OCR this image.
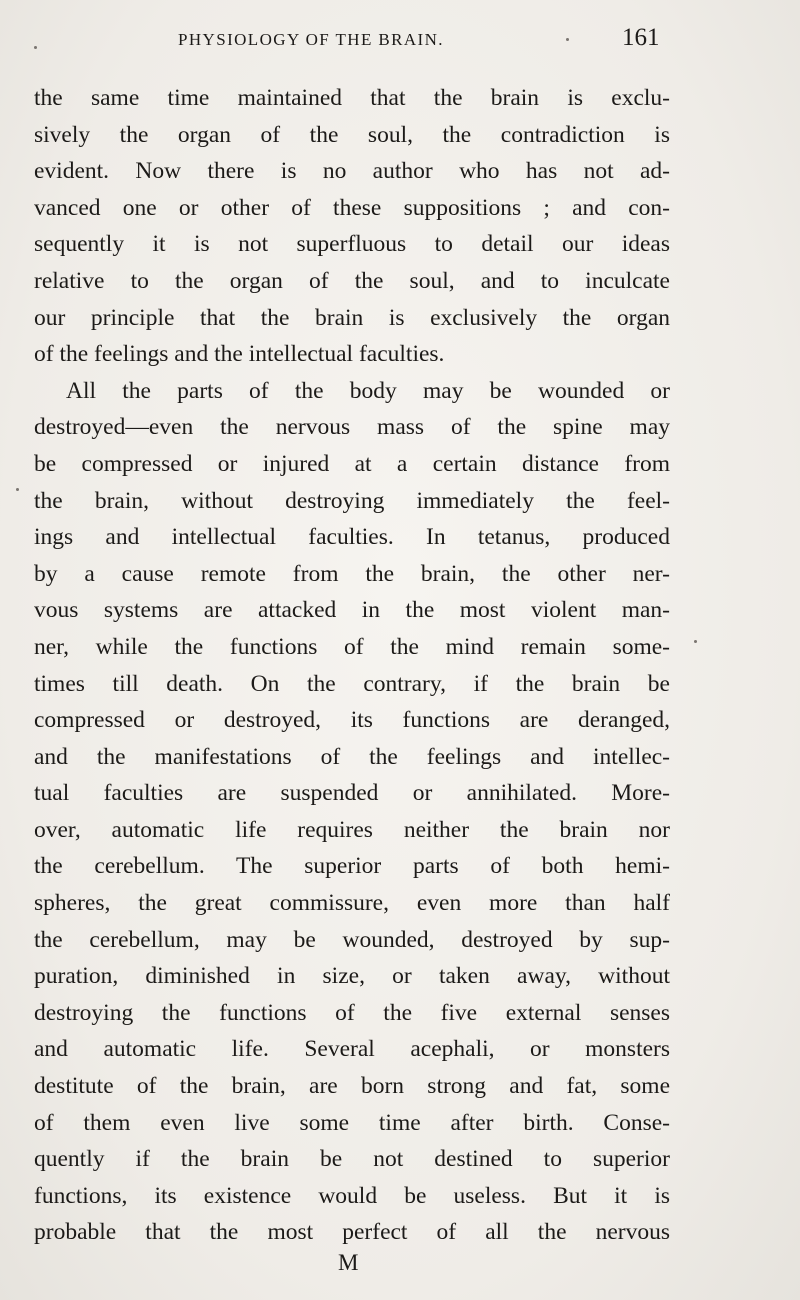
PHYSIOLOGY OF THE BRAIN.	161
the same time maintained that the brain is exclu-
sively the organ of the soul, the contradiction is
evident. Now there is no author who has not ad-
vanced one or other of these suppositions ; and con-
sequently it is not superfluous to detail our ideas
relative to the organ of the soul, and to inculcate
our principle that the brain is exclusively the organ
of the feelings and the intellectual faculties.
All the parts of the body may be wounded or
destroyed—even the nervous mass of the spine may
be compressed or injured at a certain distance from
the brain, without destroying immediately the feel-
ings and intellectual faculties. In tetanus, produced
by a cause remote from the brain, the other ner-
vous systems are attacked in the most violent man-
ner, while the functions of the mind remain some-
times till death. On the contrary, if the brain be
compressed or destroyed, its functions are deranged,
and the manifestations of the feelings and intellec-
tual faculties are suspended or annihilated. More-
over, automatic life requires neither the brain nor
the cerebellum. The superior parts of both hemi-
spheres, the great commissure, even more than half
the cerebellum, may be wounded, destroyed by sup-
puration, diminished in size, or taken away, without
destroying the functions of the five external senses
and automatic life. Several acephali, or monsters
destitute of the brain, are born strong and fat, some
of them even live some time after birth. Conse-
quently if the brain be not destined to superior
functions, its existence would be useless. But it is
probable that the most perfect of all the nervous
M
